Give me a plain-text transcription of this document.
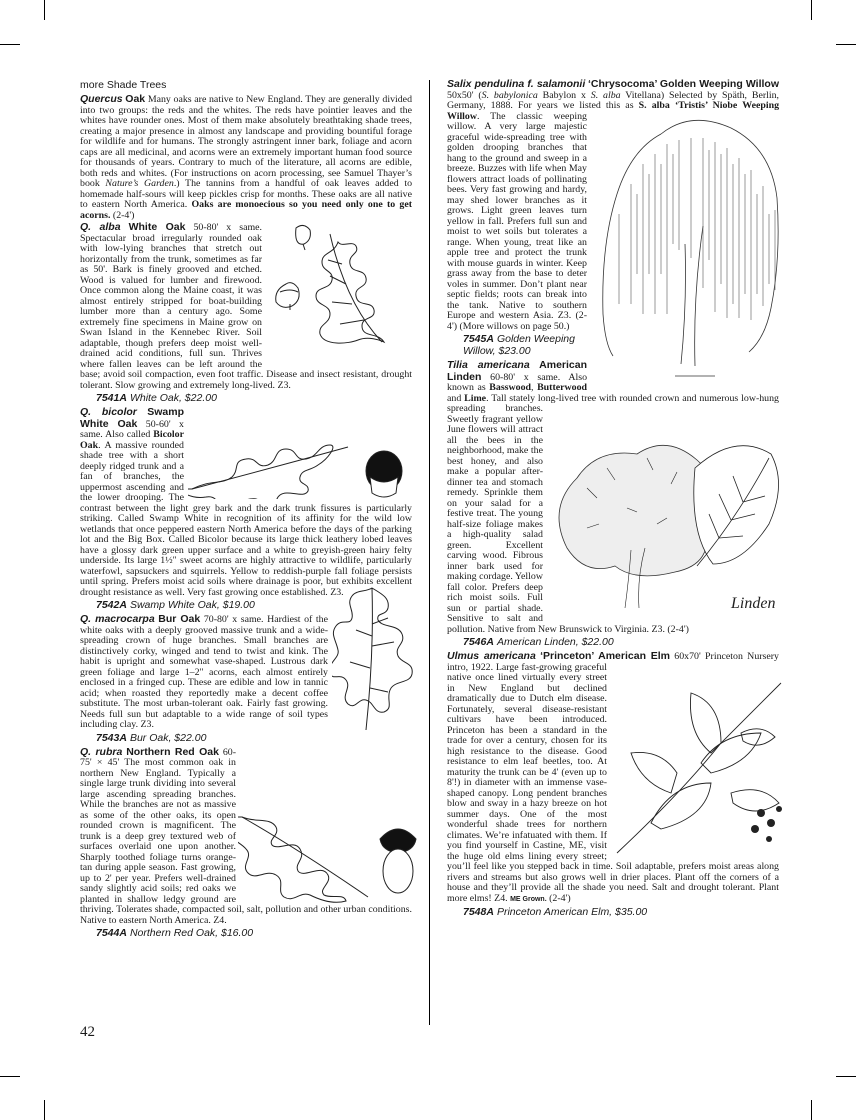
more Shade Trees
Quercus Oak Many oaks are native to New England. They are generally divided into two groups: the reds and the whites. The reds have pointier leaves and the whites have rounder ones. Most of them make absolutely breathtaking shade trees, creating a major presence in almost any landscape and providing bountiful forage for wildlife and for humans. The strongly astringent inner bark, foliage and acorn caps are all medicinal, and acorns were an extremely important human food source for thousands of years. Contrary to much of the literature, all acorns are edible, both reds and whites. (For instructions on acorn processing, see Samuel Thayer’s book Nature’s Garden.) The tannins from a handful of oak leaves added to homemade half-sours will keep pickles crisp for months. These oaks are all native to eastern North America. Oaks are monoecious so you need only one to get acorns. (2-4')
Q. alba White Oak 50-80' x same. Spectacular broad irregularly rounded oak with low-lying branches that stretch out horizontally from the trunk, sometimes as far as 50'. Bark is finely grooved and etched. Wood is valued for lumber and firewood. Once common along the Maine coast, it was almost entirely stripped for boat-building lumber more than a century ago. Some extremely fine specimens in Maine grow on Swan Island in the Kennebec River. Soil adaptable, though prefers deep moist well-drained acid conditions, full sun. Thrives where fallen leaves can be left around the base; avoid soil compaction, even foot traffic. Disease and insect resistant, drought tolerant. Slow growing and extremely long-lived. Z3.
7541A White Oak, $22.00
Q. bicolor Swamp White Oak 50-60' x same. Also called Bicolor Oak. A massive rounded shade tree with a short deeply ridged trunk and a fan of branches, the uppermost ascending and the lower drooping. The contrast between the light grey bark and the dark trunk fissures is particularly striking. Called Swamp White in recognition of its affinity for the wild low wetlands that once peppered eastern North America before the days of the parking lot and the Big Box. Called Bicolor because its large thick leathery lobed leaves have a glossy dark green upper surface and a white to greyish-green hairy felty underside. Its large 1½" sweet acorns are highly attractive to wildlife, particularly waterfowl, sapsuckers and squirrels. Yellow to reddish-purple fall foliage persists until spring. Prefers moist acid soils where drainage is poor, but exhibits excellent drought resistance as well. Very fast growing once established. Z3.
7542A Swamp White Oak, $19.00
Q. macrocarpa Bur Oak 70-80' x same. Hardiest of the white oaks with a deeply grooved massive trunk and a wide-spreading crown of huge branches. Small branches are distinctively corky, winged and tend to twist and kink. The habit is upright and somewhat vase-shaped. Lustrous dark green foliage and large 1–2" acorns, each almost entirely enclosed in a fringed cup. These are edible and low in tannic acid; when roasted they reportedly make a decent coffee substitute. The most urban-tolerant oak. Fairly fast growing. Needs full sun but adaptable to a wide range of soil types including clay. Z3.
7543A Bur Oak, $22.00
Q. rubra Northern Red Oak 60-75' × 45' The most common oak in northern New England. Typically a single large trunk dividing into several large ascending spreading branches. While the branches are not as massive as some of the other oaks, its open rounded crown is magnificent. The trunk is a deep grey textured web of surfaces overlaid one upon another. Sharply toothed foliage turns orange-tan during apple season. Fast growing, up to 2' per year. Prefers well-drained sandy slightly acid soils; red oaks we planted in shallow ledgy ground are thriving. Tolerates shade, compacted soil, salt, pollution and other urban conditions. Native to eastern North America. Z4.
7544A Northern Red Oak, $16.00
Salix pendulina f. salamonii ‘Chrysocoma’ Golden Weeping Willow 50x50' (S. babylonica Babylon x S. alba Vitellana) Selected by Späth, Berlin, Germany, 1888. For years we listed this as S. alba ‘Tristis’ Niobe Weeping Willow. The classic weeping willow. A very large majestic graceful wide-spreading tree with golden drooping branches that hang to the ground and sweep in a breeze. Buzzes with life when May flowers attract loads of pollinating bees. Very fast growing and hardy, may shed lower branches as it grows. Light green leaves turn yellow in fall. Prefers full sun and moist to wet soils but tolerates a range. When young, treat like an apple tree and protect the trunk with mouse guards in winter. Keep grass away from the base to deter voles in summer. Don’t plant near septic fields; roots can break into the tank. Native to southern Europe and western Asia. Z3. (2-4') (More willows on page 50.)
7545A Golden Weeping Willow, $23.00
Tilia americana American Linden 60-80' x same. Also known as Basswood, Butterwood and Lime
Linden
. Tall stately long-lived tree with rounded crown and numerous low-hung spreading branches. Sweetly fragrant yellow June flowers will attract all the bees in the neighborhood, make the best honey, and also make a popular after-dinner tea and stomach remedy. Sprinkle them on your salad for a festive treat. The young half-size foliage makes a high-quality salad green. Excellent carving wood. Fibrous inner bark used for making cordage. Yellow fall color. Prefers deep rich moist soils. Full sun or partial shade. Sensitive to salt and pollution. Native from New Brunswick to Virginia. Z3. (2-4')
7546A American Linden, $22.00
Ulmus americana ‘Princeton’ American Elm 60x70' Princeton Nursery intro, 1922. Large fast-growing graceful native once lined virtually every street in New England but declined dramatically due to Dutch elm disease. Fortunately, several disease-resistant cultivars have been introduced. Princeton has been a standard in the trade for over a century, chosen for its high resistance to the disease. Good resistance to elm leaf beetles, too. At maturity the trunk can be 4' (even up to 8'!) in diameter with an immense vase-shaped canopy. Long pendent branches blow and sway in a hazy breeze on hot summer days. One of the most wonderful shade trees for northern climates. We’re infatuated with them. If you find yourself in Castine, ME, visit the huge old elms lining every street; you’ll feel like you stepped back in time. Soil adaptable, prefers moist areas along rivers and streams but also grows well in drier places. Plant off the corners of a house and they’ll provide all the shade you need. Salt and drought tolerant. Plant more elms! Z4. ME Grown. (2-4')
7548A Princeton American Elm, $35.00
42
